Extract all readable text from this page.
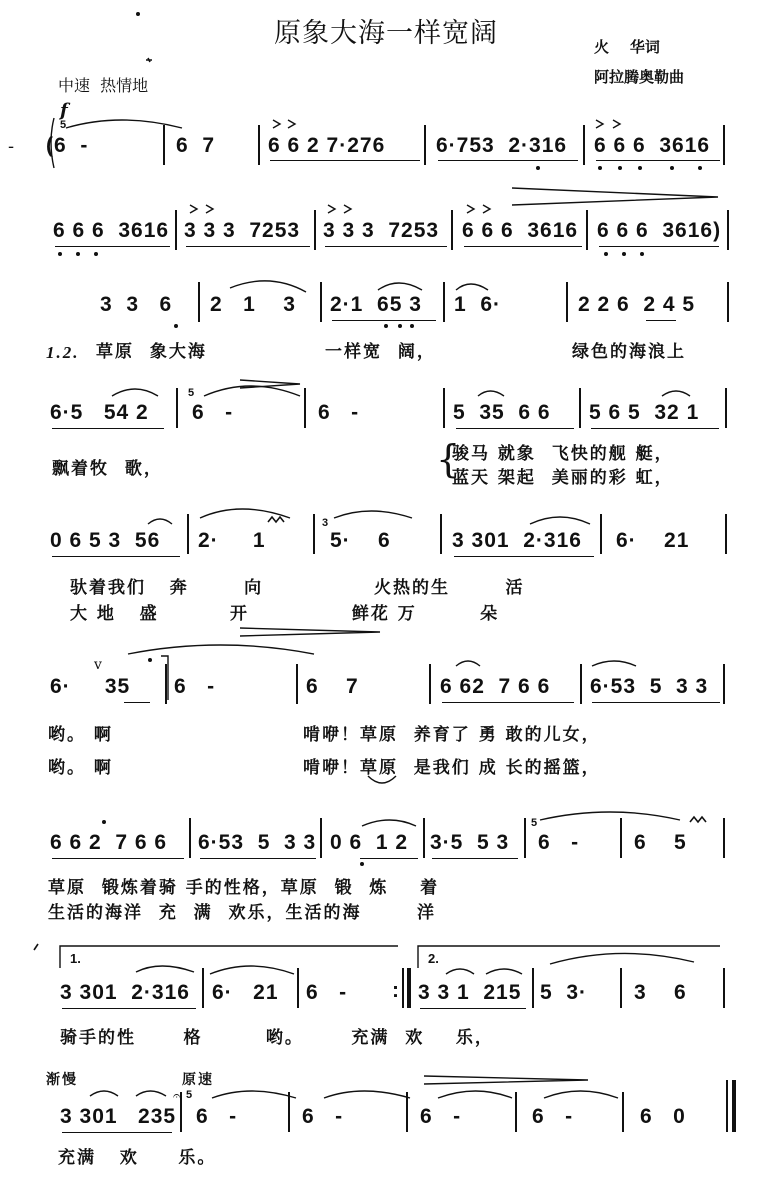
原象大海一样宽阔	火    华词
阿拉腾奥勒曲
中速  热情地
f
5
- (6  -	6  7	6 6 2 7·276 6·753  2·316 6 6 6  3616
6 6 6  3616 3 3 3  7253 3 3 3  7253 6 6 6  3616 6 6 6  3616)
3  3   6 2   1    3 2·1  65 3 1  6·	2 2 6  2 4 5
1.2. 草原  象大海	一样宽  阔，	绿色的海浪上
6·5   54 2 6   -	6   -	5  35  6 6 5 6 5  32 1
5
飘着牧  歌，	{
骏马 就象  飞快的舰 艇，
蓝天 架起  美丽的彩 虹，
0 6 5 3  56 2·     1	5·    6	3 301  2·316 6·    21
3
驮着我们   奔       向              火热的生       活
大 地   盛         开             鲜花 万        朵
6·     35 6   -	6    7	6 62  7 6 6 6·53  5  3 3
v
哟。 啊                        啃咿！草原  养育了 勇 敢的儿女，
哟。 啊                        啃咿！草原  是我们 成 长的摇篮，
6 6 2  7 6 6 6·53  5  3 3 0 6  1 2 3·5  5 3 6   -	6    5
5
草原  锻炼着骑 手的性格，草原  锻  炼    着
生活的海洋  充  满  欢乐，生活的海       洋
1.	2.
3 301  2·316 6·   21 6   -	3 3 1  215 5  3· 3    6
:
骑手的性      格        哟。      充满  欢    乐，
渐慢	原速
3 301   235 6   -	6   -	6   -	6   -	6   0
5
𝄐
充满   欢     乐。
